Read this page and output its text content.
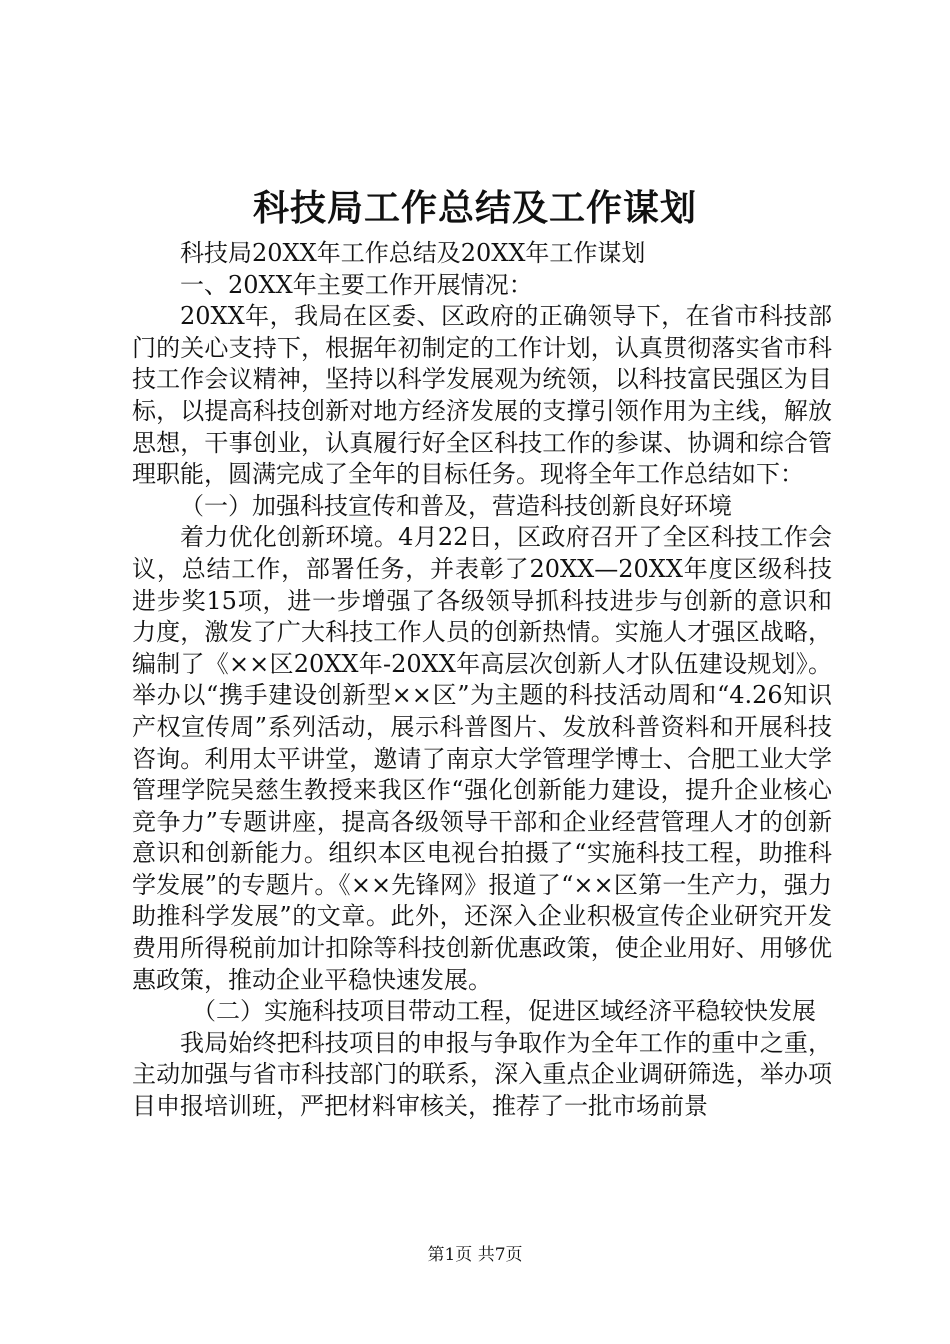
科技局工作总结及工作谋划

科技局20XX年工作总结及20XX年工作谋划

一、20XX年主要工作开展情况：

20XX年，我局在区委、区政府的正确领导下，在省市科技部门的关心支持下，根据年初制定的工作计划，认真贯彻落实省市科技工作会议精神，坚持以科学发展观为统领，以科技富民强区为目标，以提高科技创新对地方经济发展的支撑引领作用为主线，解放思想，干事创业，认真履行好全区科技工作的参谋、协调和综合管理职能，圆满完成了全年的目标任务。现将全年工作总结如下：

（一）加强科技宣传和普及，营造科技创新良好环境

着力优化创新环境。4月22日，区政府召开了全区科技工作会议，总结工作，部署任务，并表彰了20XX—20XX年度区级科技进步奖15项，进一步增强了各级领导抓科技进步与创新的意识和力度，激发了广大科技工作人员的创新热情。实施人才强区战略，编制了《××区20XX年-20XX年高层次创新人才队伍建设规划》。举办以“携手建设创新型××区”为主题的科技活动周和“4.26知识产权宣传周”系列活动，展示科普图片、发放科普资料和开展科技咨询。利用太平讲堂，邀请了南京大学管理学博士、合肥工业大学管理学院吴慈生教授来我区作“强化创新能力建设，提升企业核心竞争力”专题讲座，提高各级领导干部和企业经营管理人才的创新意识和创新能力。组织本区电视台拍摄了“实施科技工程，助推科学发展”的专题片。《××先锋网》报道了“××区第一生产力，强力助推科学发展”的文章。此外，还深入企业积极宣传企业研究开发费用所得税前加计扣除等科技创新优惠政策，使企业用好、用够优惠政策，推动企业平稳快速发展。

（二）实施科技项目带动工程，促进区域经济平稳较快发展

我局始终把科技项目的申报与争取作为全年工作的重中之重，主动加强与省市科技部门的联系，深入重点企业调研筛选，举办项目申报培训班，严把材料审核关，推荐了一批市场前景

第1页 共7页
